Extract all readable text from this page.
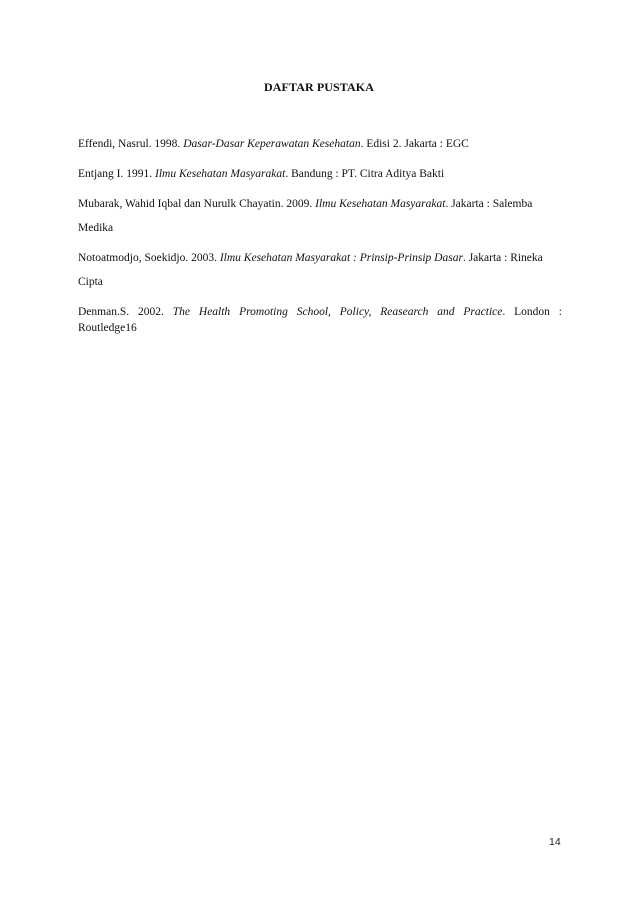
DAFTAR PUSTAKA

Effendi, Nasrul. 1998. Dasar-Dasar Keperawatan Kesehatan. Edisi 2. Jakarta : EGC

Entjang I. 1991. Ilmu Kesehatan Masyarakat. Bandung : PT. Citra Aditya Bakti

Mubarak, Wahid Iqbal dan Nurulk Chayatin. 2009. Ilmu Kesehatan Masyarakat. Jakarta : Salemba Medika

Notoatmodjo, Soekidjo. 2003. Ilmu Kesehatan Masyarakat : Prinsip-Prinsip Dasar. Jakarta : Rineka Cipta

Denman.S. 2002. The Health Promoting School, Policy, Reasearch and Practice. London :
Routledge16

14
